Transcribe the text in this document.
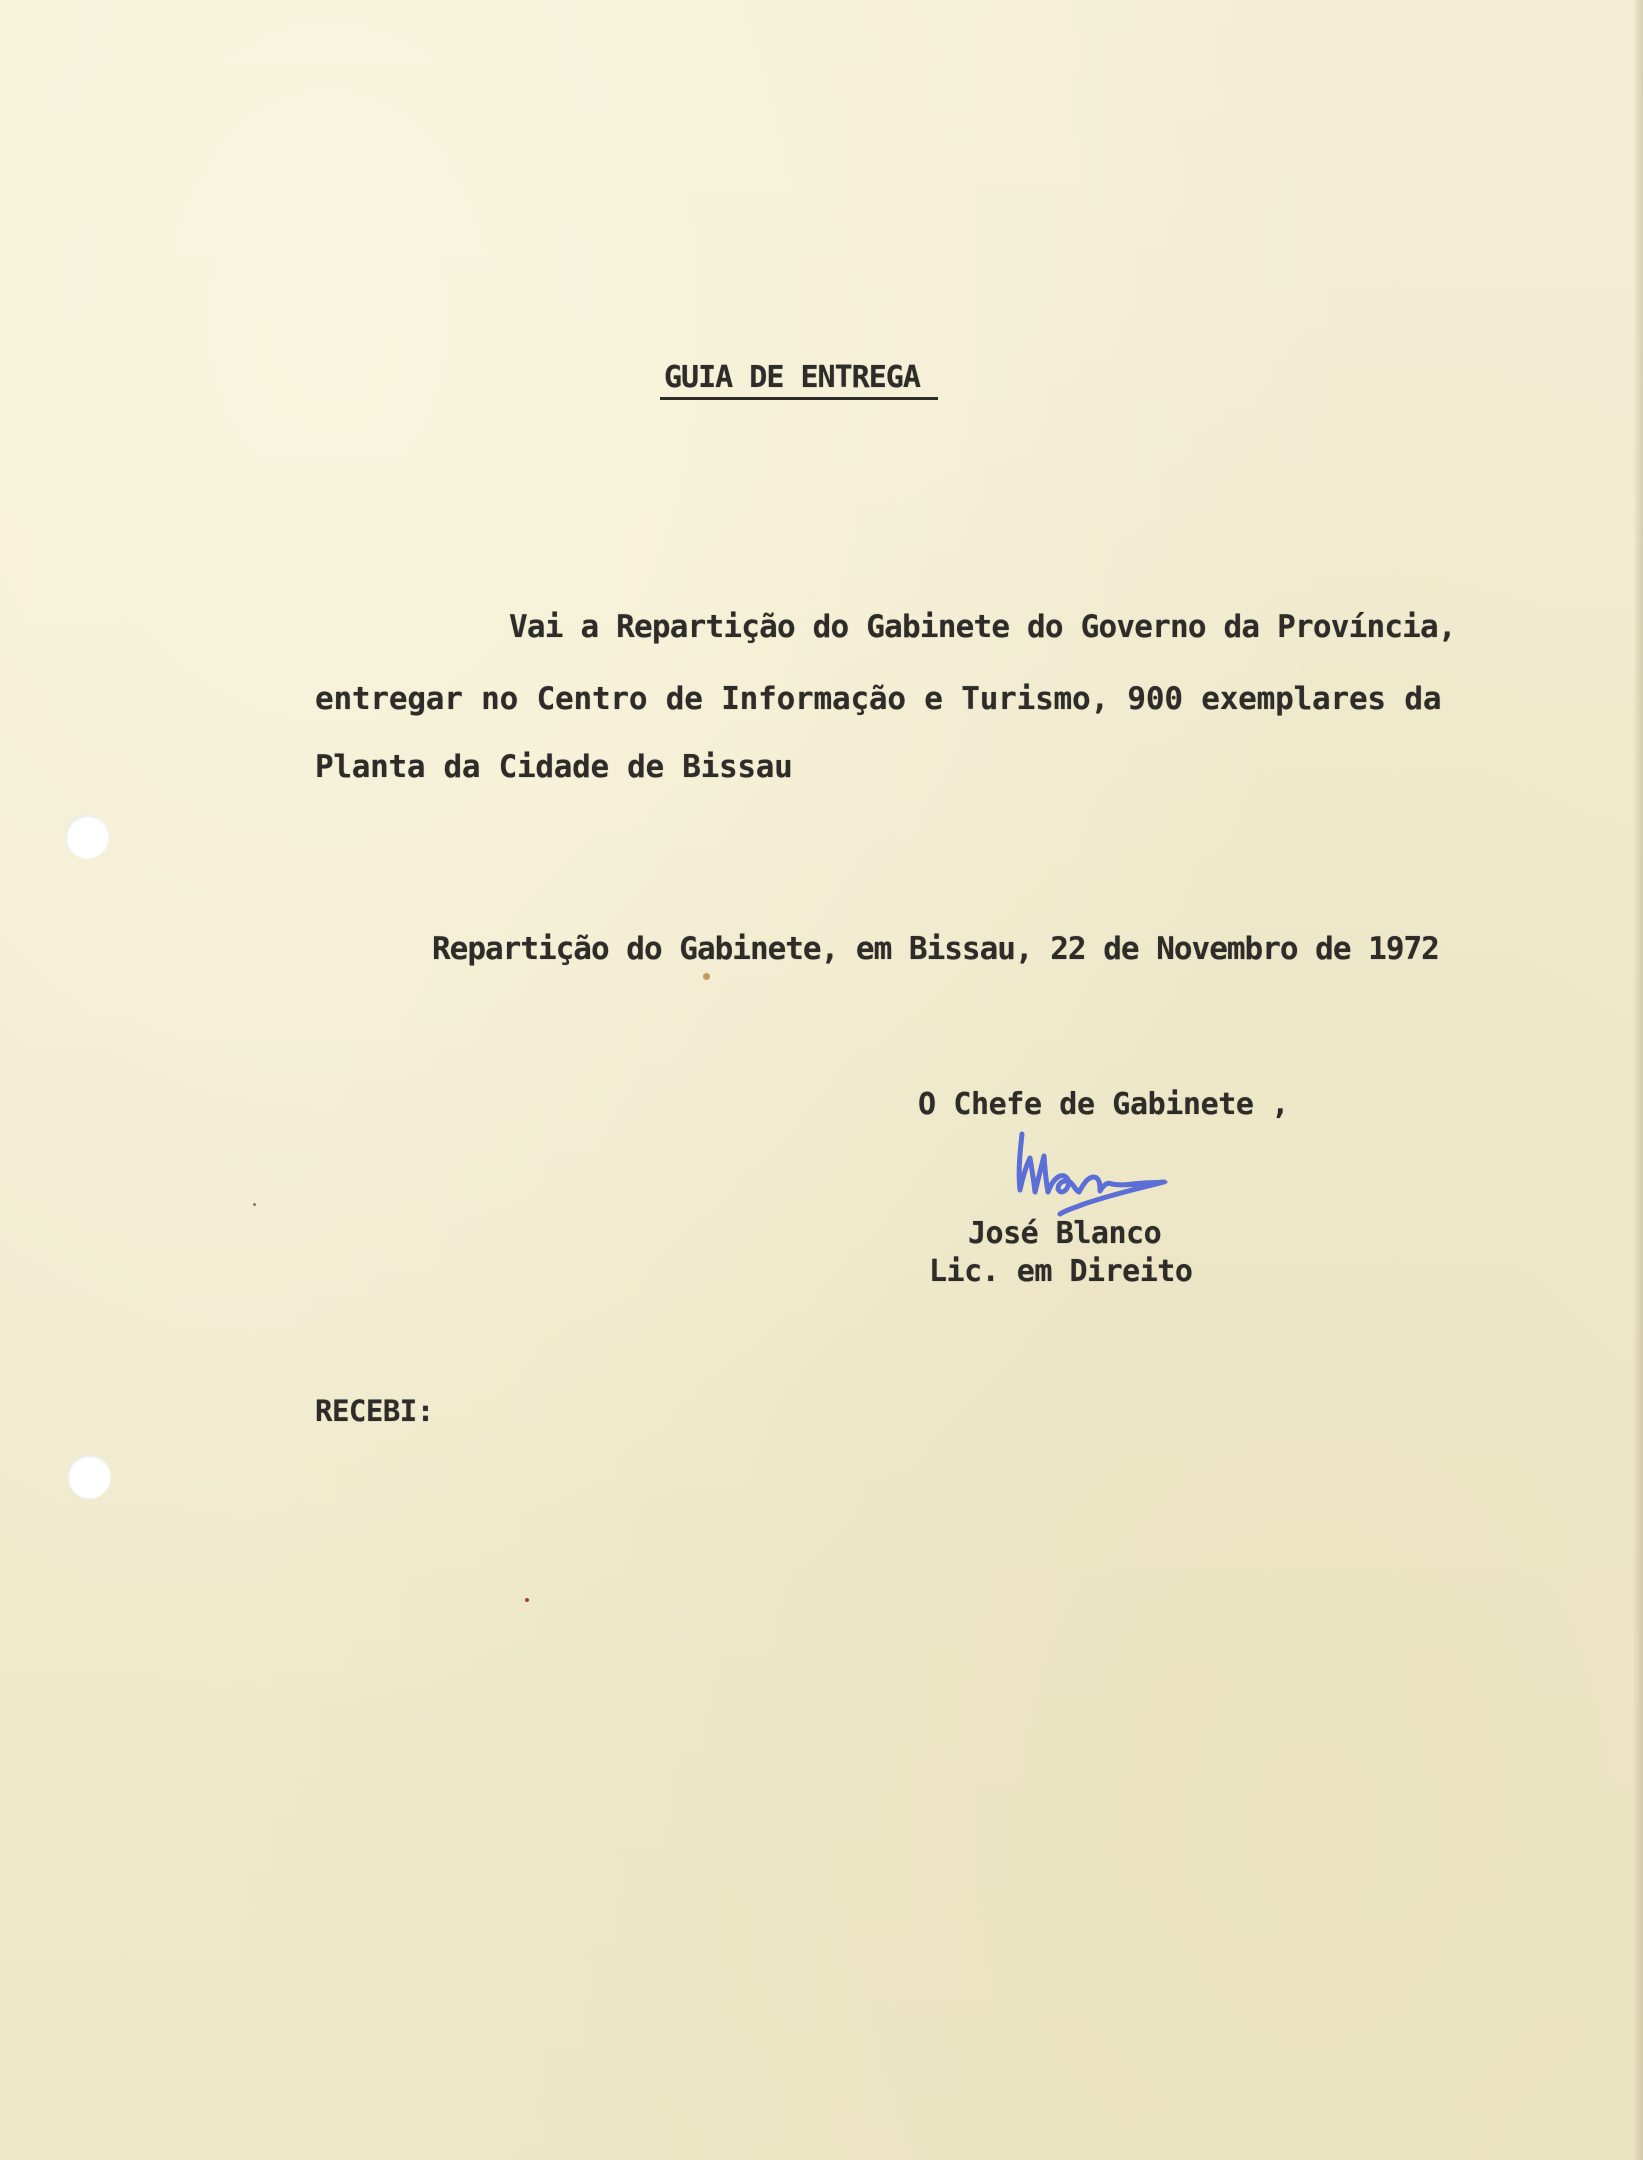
GUIA DE ENTREGA

Vai a Repartição do Gabinete do Governo da Província,

entregar no Centro de Informação e Turismo, 900 exemplares da

Planta da Cidade de Bissau

Repartição do Gabinete, em Bissau, 22 de Novembro de 1972

O Chefe de Gabinete ,

José Blanco

Lic. em Direito

RECEBI:
